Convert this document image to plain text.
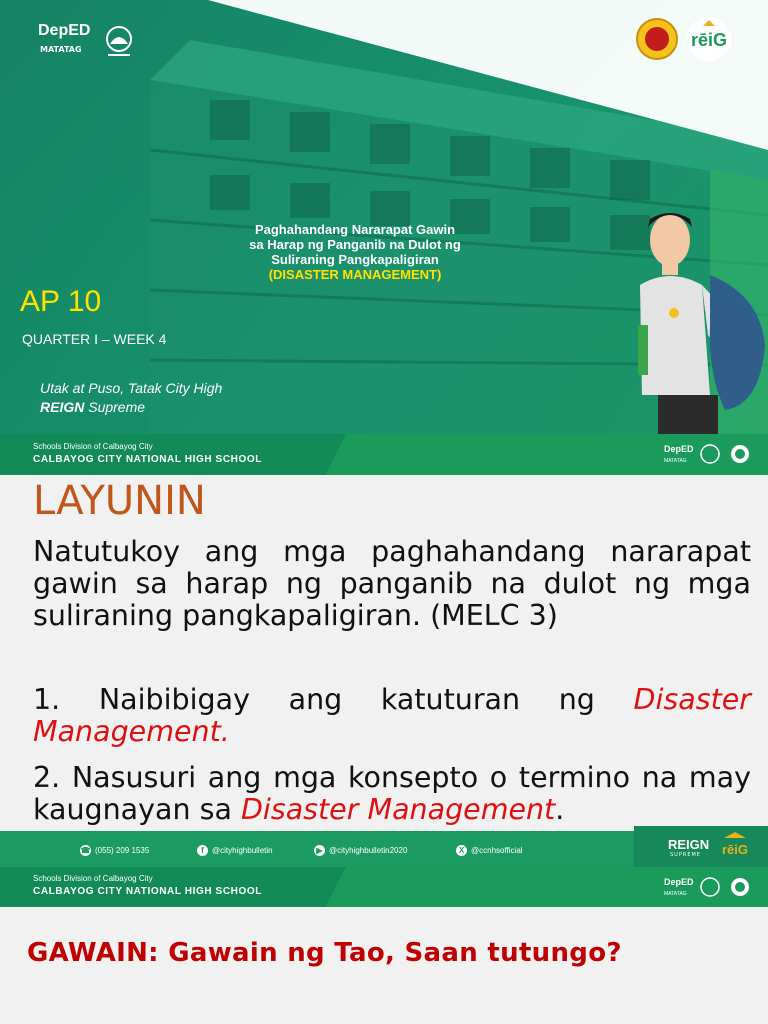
DepED
MATATAG	rēiG
Paghahandang Nararapat Gawin
sa Harap ng Panganib na Dulot ng
Suliraning Pangkapaligiran
(DISASTER MANAGEMENT)
AP 10
QUARTER I – WEEK 4
Utak at Puso, Tatak City High
REIGN Supreme
Schools Division of Calbayog City
CALBAYOG CITY NATIONAL HIGH SCHOOL
DepED
MATATAG
LAYUNIN
Natutukoy ang mga paghahandang nararapat gawin sa harap ng panganib na dulot ng mga suliraning pangkapaligiran. (MELC 3)
1. Naibibigay ang katuturan ng Disaster Management.
2. Nasusuri ang mga konsepto o termino na may kaugnayan sa Disaster Management.
☎ (055) 209 1535	f	@cityhighbulletin	▶ @cityhighbulletin2020	X @ccnhsofficial	REIGN
SUPREME rēiG
Schools Division of Calbayog City
CALBAYOG CITY NATIONAL HIGH SCHOOL
DepED
MATATAG
GAWAIN: Gawain ng Tao, Saan tutungo?
